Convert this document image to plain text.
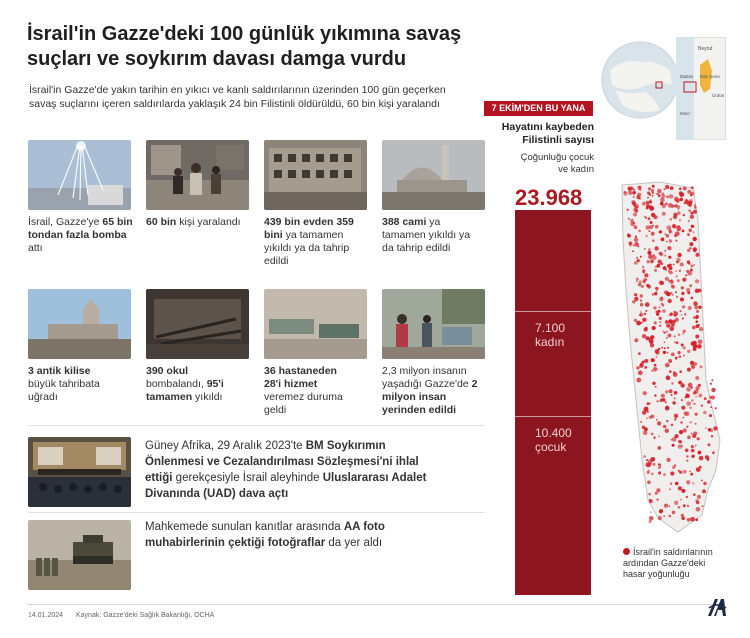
İsrail'in Gazze'deki 100 günlük yıkımına savaş
suçları ve soykırım davası damga vurdu
İsrail'in Gazze'de yakın tarihin en yıkıcı ve kanlı saldırılarının üzerinden 100 gün geçerken savaş suçlarını içeren saldırılarda yaklaşık 24 bin Filistinli öldürüldü, 60 bin kişi yaralandı
İsrail, Gazze'ye 65 bin tondan fazla bomba attı
60 bin kişi yaralandı	439 bin evden 359 bini ya tamamen yıkıldı ya da tahrip edildi
388 cami ya tamamen yıkıldı ya da tahrip edildi
3 antik kilise büyük tahribata uğradı
390 okul bombalandı, 95'i tamamen yıkıldı
36 hastaneden 28'i hizmet veremez duruma geldi
2,3 milyon insanın yaşadığı Gazze'de 2 milyon insan yerinden edildi
Güney Afrika, 29 Aralık 2023'te BM Soykırımın Önlenmesi ve Cezalandırılması Sözleşmesi'ni ihlal ettiği gerekçesiyle İsrail aleyhinde Uluslararası Adalet Divanında (UAD) dava açtı
Mahkemede sunulan kanıtlar arasında AA foto muhabirlerinin çektiği fotoğraflar da yer aldı
7 EKİM'DEN BU YANA
Hayatını kaybeden Filistinli sayısı
Çoğunluğu çocuk ve kadın
23.968
7.100
kadın
10.400
çocuk
Beyrut
Batı Şeria
Gazze
Ürdün
Mısır
İsrail'in saldırılarının ardından Gazze'deki hasar yoğunluğu
14.01.2024 Kaynak: Gazze'deki Sağlık Bakanlığı, OCHA
